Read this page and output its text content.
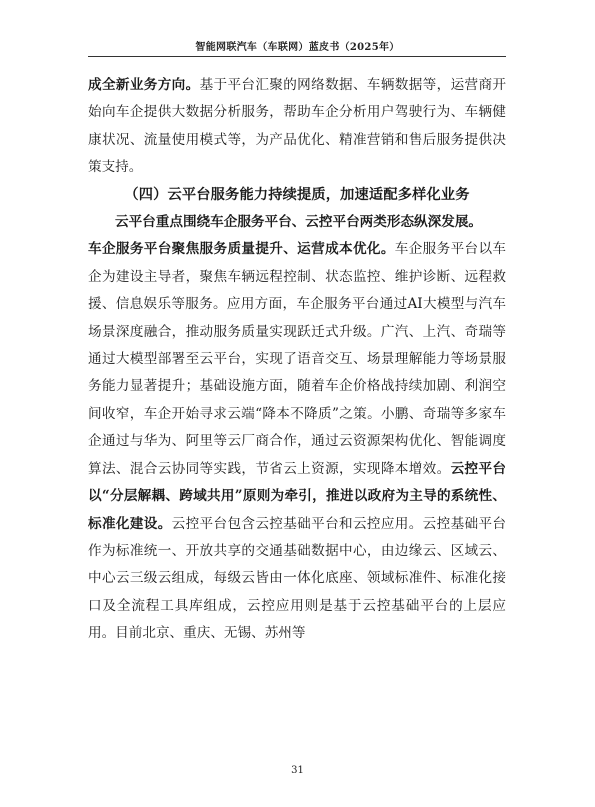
智能网联汽车（车联网）蓝皮书（2025年）

成全新业务方向。基于平台汇聚的网络数据、车辆数据等，运营商开始向车企提供大数据分析服务，帮助车企分析用户驾驶行为、车辆健康状况、流量使用模式等，为产品优化、精准营销和售后服务提供决策支持。

（四）云平台服务能力持续提质，加速适配多样化业务

云平台重点围绕车企服务平台、云控平台两类形态纵深发展。

车企服务平台聚焦服务质量提升、运营成本优化。车企服务平台以车企为建设主导者，聚焦车辆远程控制、状态监控、维护诊断、远程救援、信息娱乐等服务。应用方面，车企服务平台通过AI大模型与汽车场景深度融合，推动服务质量实现跃迁式升级。广汽、上汽、奇瑞等通过大模型部署至云平台，实现了语音交互、场景理解能力等场景服务能力显著提升；基础设施方面，随着车企价格战持续加剧、利润空间收窄，车企开始寻求云端“降本不降质”之策。小鹏、奇瑞等多家车企通过与华为、阿里等云厂商合作，通过云资源架构优化、智能调度算法、混合云协同等实践，节省云上资源，实现降本增效。云控平台以“分层解耦、跨域共用”原则为牵引，推进以政府为主导的系统性、标准化建设。云控平台包含云控基础平台和云控应用。云控基础平台作为标准统一、开放共享的交通基础数据中心，由边缘云、区域云、中心云三级云组成，每级云皆由一体化底座、领域标准件、标准化接口及全流程工具库组成，云控应用则是基于云控基础平台的上层应用。目前北京、重庆、无锡、苏州等

31
